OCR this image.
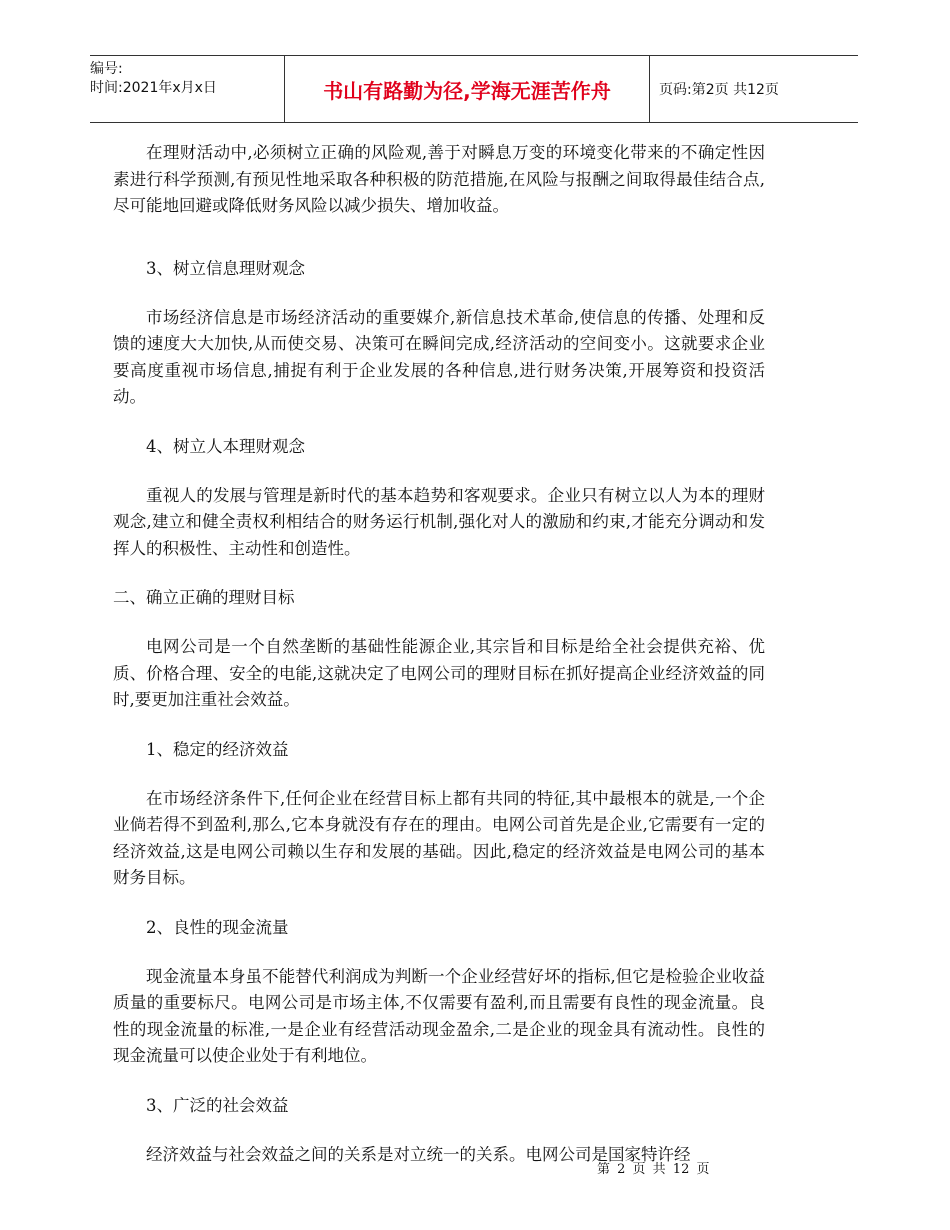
编号:
时间:2021年x月x日	书山有路勤为径,学海无涯苦作舟	页码:第2页 共12页

在理财活动中,必须树立正确的风险观,善于对瞬息万变的环境变化带来的不确定性因素进行科学预测,有预见性地采取各种积极的防范措施,在风险与报酬之间取得最佳结合点,尽可能地回避或降低财务风险以减少损失、增加收益。

3、树立信息理财观念

市场经济信息是市场经济活动的重要媒介,新信息技术革命,使信息的传播、处理和反馈的速度大大加快,从而使交易、决策可在瞬间完成,经济活动的空间变小。这就要求企业要高度重视市场信息,捕捉有利于企业发展的各种信息,进行财务决策,开展筹资和投资活动。

4、树立人本理财观念

重视人的发展与管理是新时代的基本趋势和客观要求。企业只有树立以人为本的理财观念,建立和健全责权利相结合的财务运行机制,强化对人的激励和约束,才能充分调动和发挥人的积极性、主动性和创造性。

二、确立正确的理财目标

电网公司是一个自然垄断的基础性能源企业,其宗旨和目标是给全社会提供充裕、优质、价格合理、安全的电能,这就决定了电网公司的理财目标在抓好提高企业经济效益的同时,要更加注重社会效益。

1、稳定的经济效益

在市场经济条件下,任何企业在经营目标上都有共同的特征,其中最根本的就是,一个企业倘若得不到盈利,那么,它本身就没有存在的理由。电网公司首先是企业,它需要有一定的经济效益,这是电网公司赖以生存和发展的基础。因此,稳定的经济效益是电网公司的基本财务目标。

2、良性的现金流量

现金流量本身虽不能替代利润成为判断一个企业经营好坏的指标,但它是检验企业收益质量的重要标尺。电网公司是市场主体,不仅需要有盈利,而且需要有良性的现金流量。良性的现金流量的标准,一是企业有经营活动现金盈余,二是企业的现金具有流动性。良性的现金流量可以使企业处于有利地位。

3、广泛的社会效益

经济效益与社会效益之间的关系是对立统一的关系。电网公司是国家特许经

第 2 页 共 12 页
